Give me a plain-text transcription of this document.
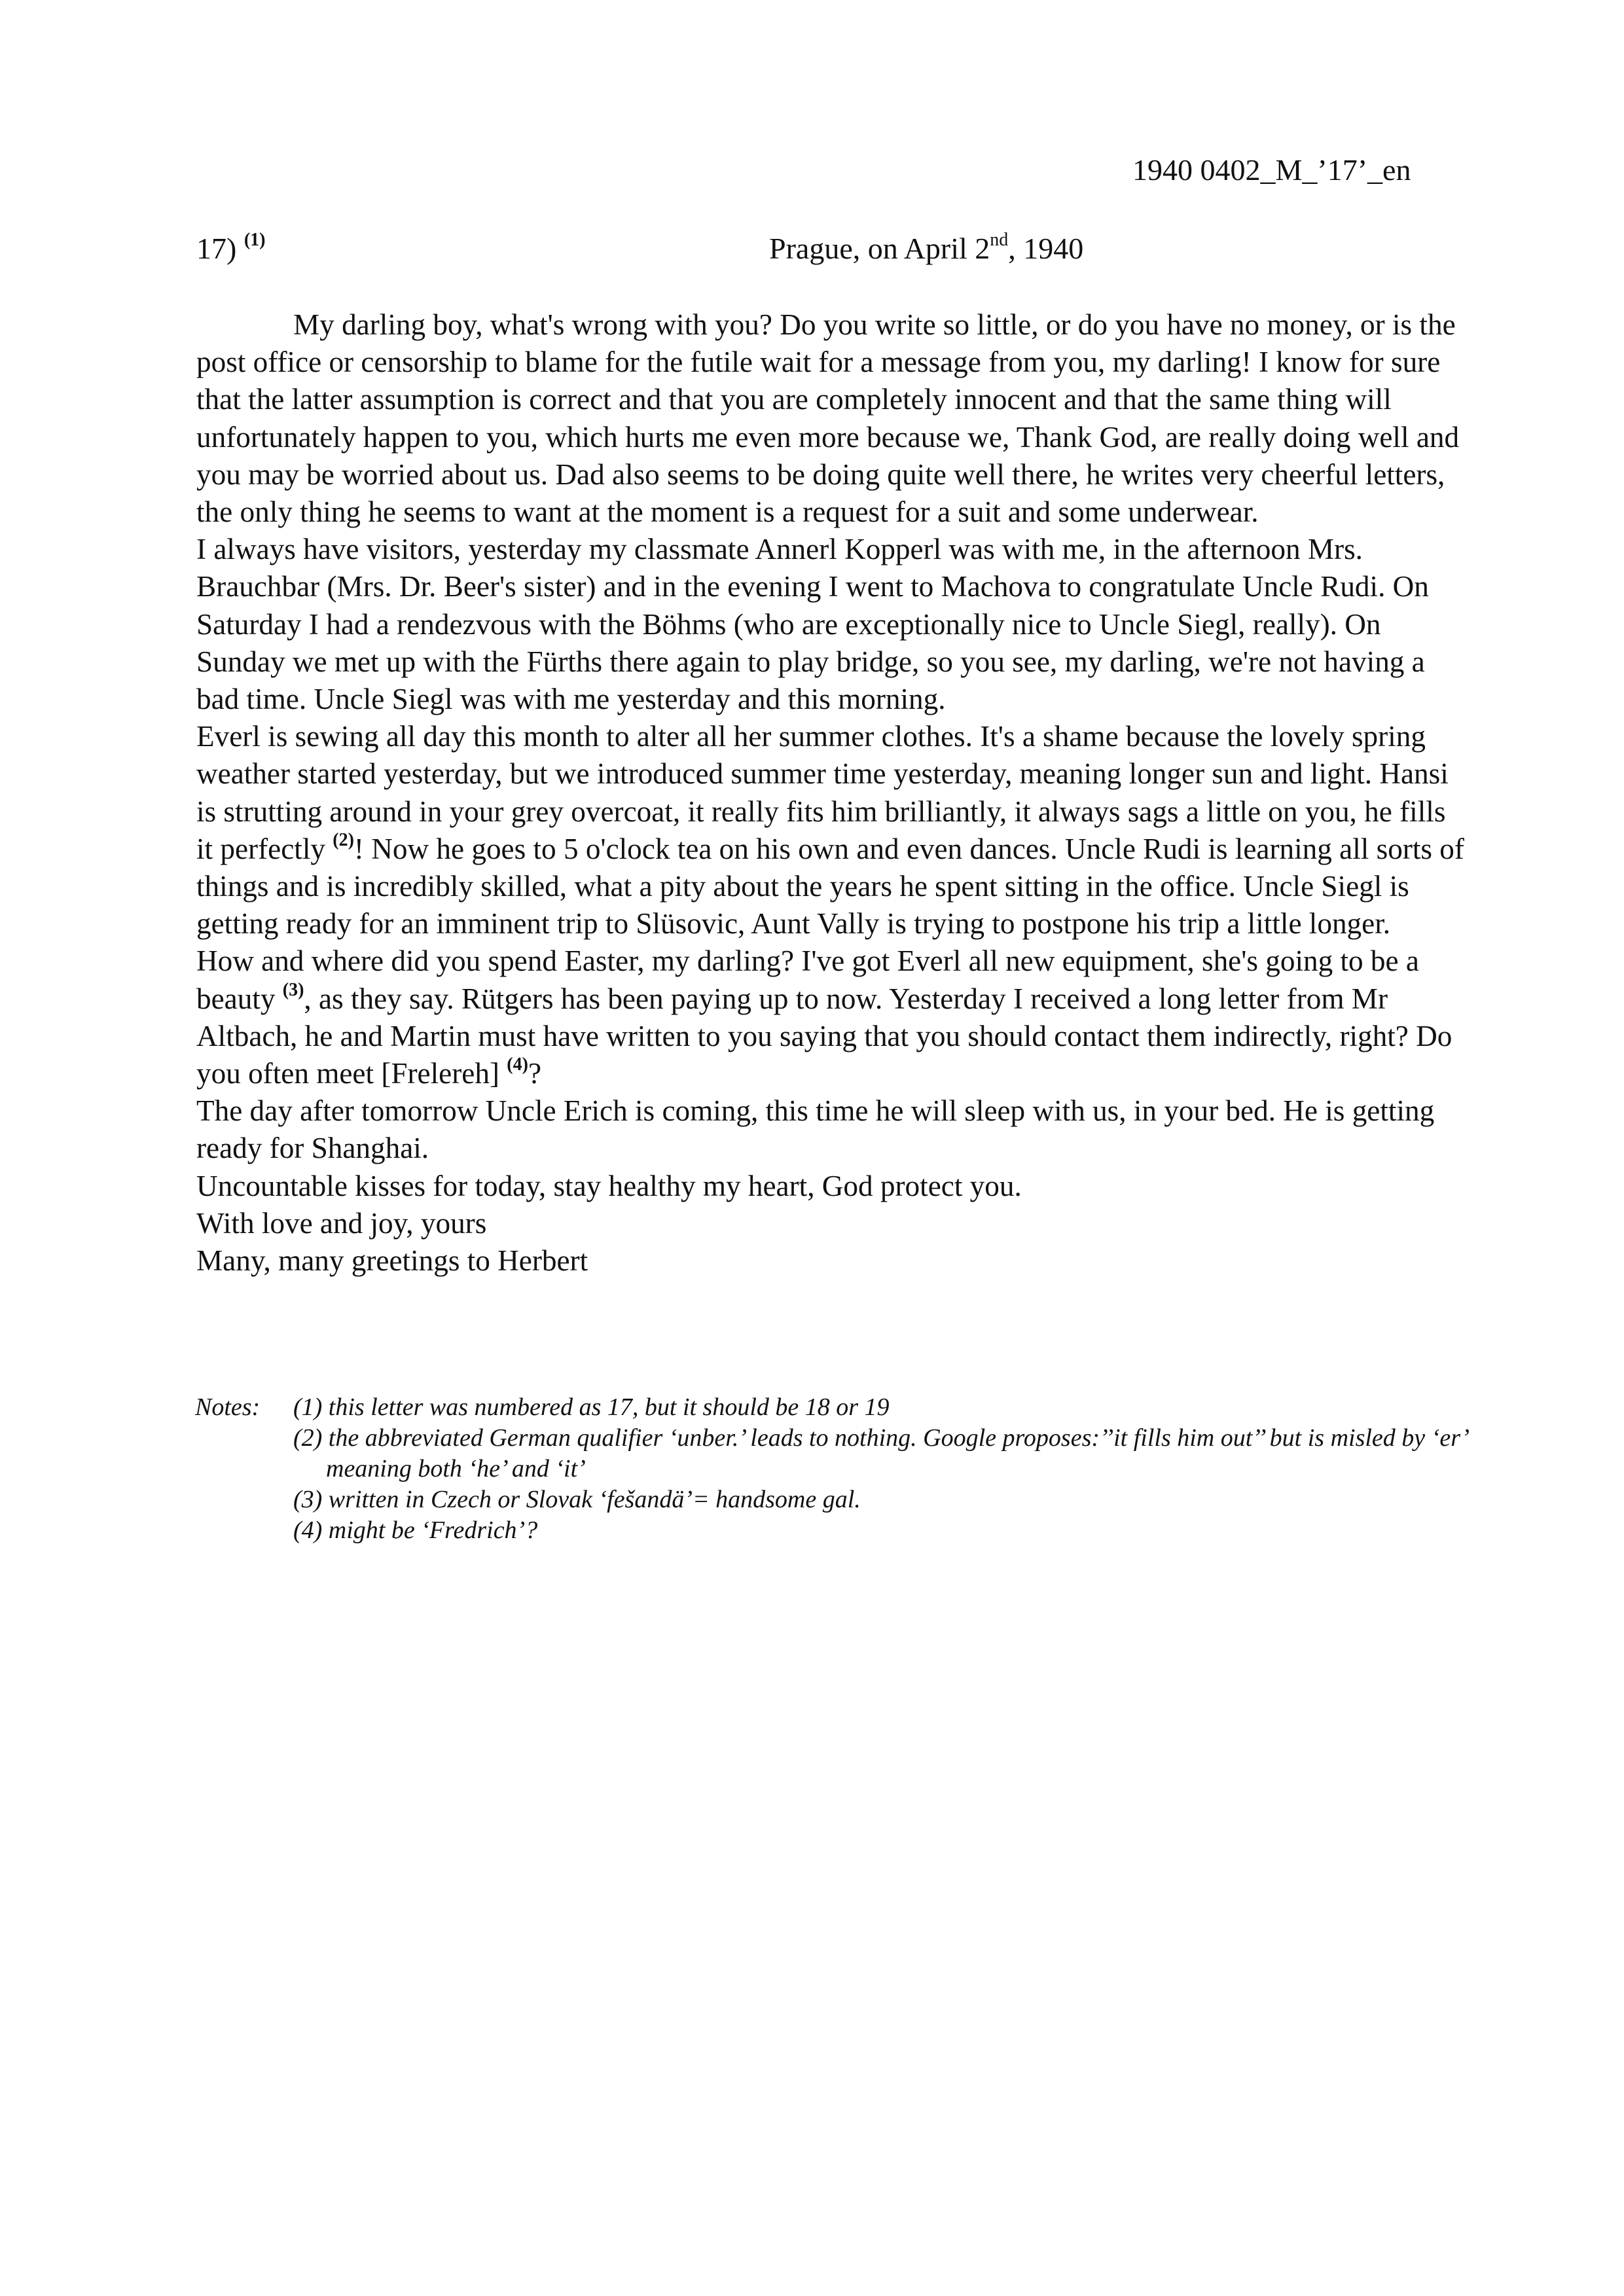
1940 0402_M_’17’_en
17) $^{(1)}$	Prague, on April 2nd, 1940

My darling boy, what's wrong with you? Do you write so little, or do you have no money, or is the post office or censorship to blame for the futile wait for a message from you, my darling! I know for sure that the latter assumption is correct and that you are completely innocent and that the same thing will unfortunately happen to you, which hurts me even more because we, Thank God, are really doing well and you may be worried about us. Dad also seems to be doing quite well there, he writes very cheerful letters, the only thing he seems to want at the moment is a request for a suit and some underwear.

I always have visitors, yesterday my classmate Annerl Kopperl was with me, in the afternoon Mrs. Brauchbar (Mrs. Dr. Beer's sister) and in the evening I went to Machova to congratulate Uncle Rudi. On Saturday I had a rendezvous with the Böhms (who are exceptionally nice to Uncle Siegl, really). On Sunday we met up with the Fürths there again to play bridge, so you see, my darling, we're not having a bad time. Uncle Siegl was with me yesterday and this morning.

Everl is sewing all day this month to alter all her summer clothes. It's a shame because the lovely spring weather started yesterday, but we introduced summer time yesterday, meaning longer sun and light. Hansi is strutting around in your grey overcoat, it really fits him brilliantly, it always sags a little on you, he fills it perfectly $^{(2)}$! Now he goes to 5 o'clock tea on his own and even dances. Uncle Rudi is learning all sorts of things and is incredibly skilled, what a pity about the years he spent sitting in the office. Uncle Siegl is getting ready for an imminent trip to Slüsovic, Aunt Vally is trying to postpone his trip a little longer.

How and where did you spend Easter, my darling? I've got Everl all new equipment, she's going to be a beauty $^{(3)}$, as they say. Rütgers has been paying up to now. Yesterday I received a long letter from Mr Altbach, he and Martin must have written to you saying that you should contact them indirectly, right? Do you often meet [Frelereh] $^{(4)}$?

The day after tomorrow Uncle Erich is coming, this time he will sleep with us, in your bed. He is getting ready for Shanghai.

Uncountable kisses for today, stay healthy my heart, God protect you.

With love and joy, yours

Many, many greetings to Herbert

Notes: (1) this letter was numbered as 17, but it should be 18 or 19
(2) the abbreviated German qualifier ‘unber.’ leads to nothing. Google proposes:’’it fills him out’’ but is misled by ‘er’ meaning both ‘he’ and ‘it’
(3) written in Czech or Slovak ‘fešandä’= handsome gal.
(4) might be ‘Fredrich’?
